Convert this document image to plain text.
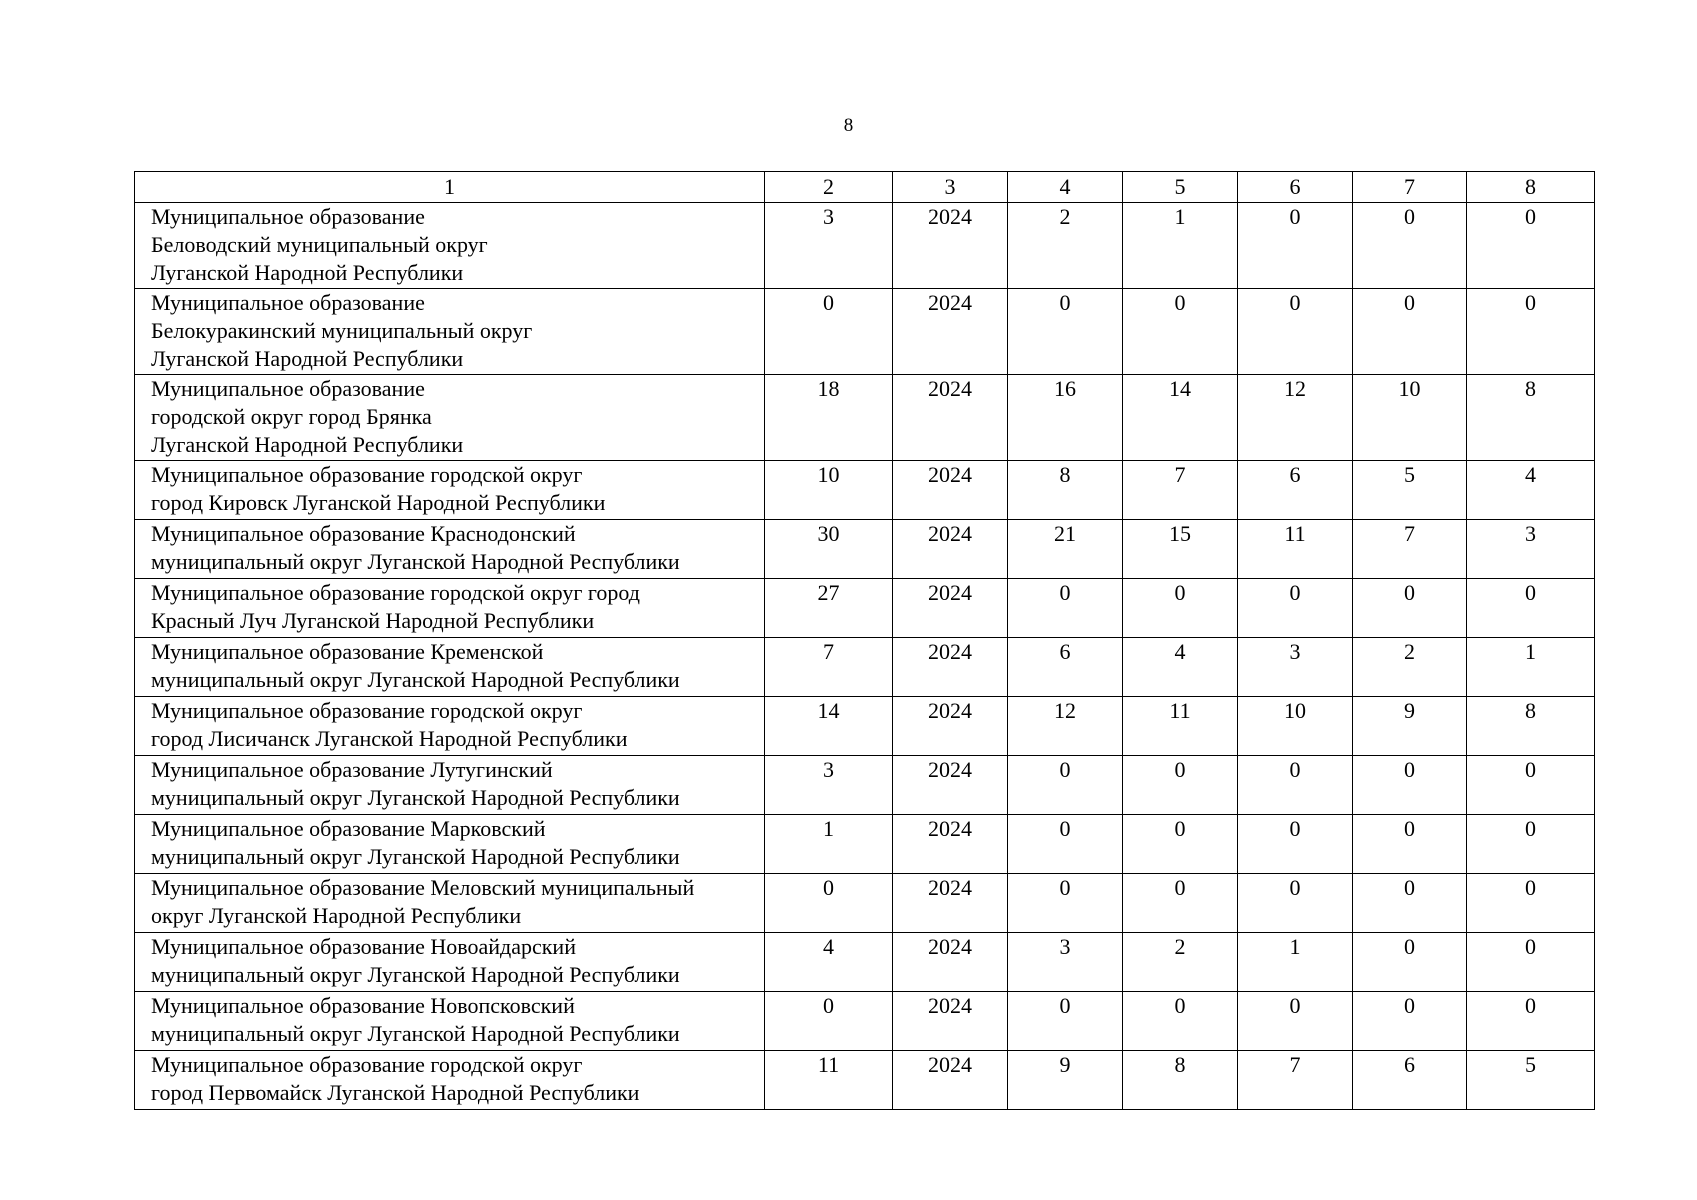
8
1	2	3	4	5	6	7	8
Муниципальное образование
Беловодский муниципальный округ
Луганской Народной Республики	3	2024	2	1	0	0	0
Муниципальное образование
Белокуракинский муниципальный округ
Луганской Народной Республики	0	2024	0	0	0	0	0
Муниципальное образование
городской округ город Брянка
Луганской Народной Республики	18	2024	16	14	12	10	8
Муниципальное образование городской округ
город Кировск Луганской Народной Республики	10	2024	8	7	6	5	4
Муниципальное образование Краснодонский
муниципальный округ Луганской Народной Республики	30	2024	21	15	11	7	3
Муниципальное образование городской округ город
Красный Луч Луганской Народной Республики	27	2024	0	0	0	0	0
Муниципальное образование Кременской
муниципальный округ Луганской Народной Республики	7	2024	6	4	3	2	1
Муниципальное образование городской округ
город Лисичанск Луганской Народной Республики	14	2024	12	11	10	9	8
Муниципальное образование Лутугинский
муниципальный округ Луганской Народной Республики	3	2024	0	0	0	0	0
Муниципальное образование Марковский
муниципальный округ Луганской Народной Республики	1	2024	0	0	0	0	0
Муниципальное образование Меловский муниципальный
округ Луганской Народной Республики	0	2024	0	0	0	0	0
Муниципальное образование Новоайдарский
муниципальный округ Луганской Народной Республики	4	2024	3	2	1	0	0
Муниципальное образование Новопсковский
муниципальный округ Луганской Народной Республики	0	2024	0	0	0	0	0
Муниципальное образование городской округ
город Первомайск Луганской Народной Республики	11	2024	9	8	7	6	5
